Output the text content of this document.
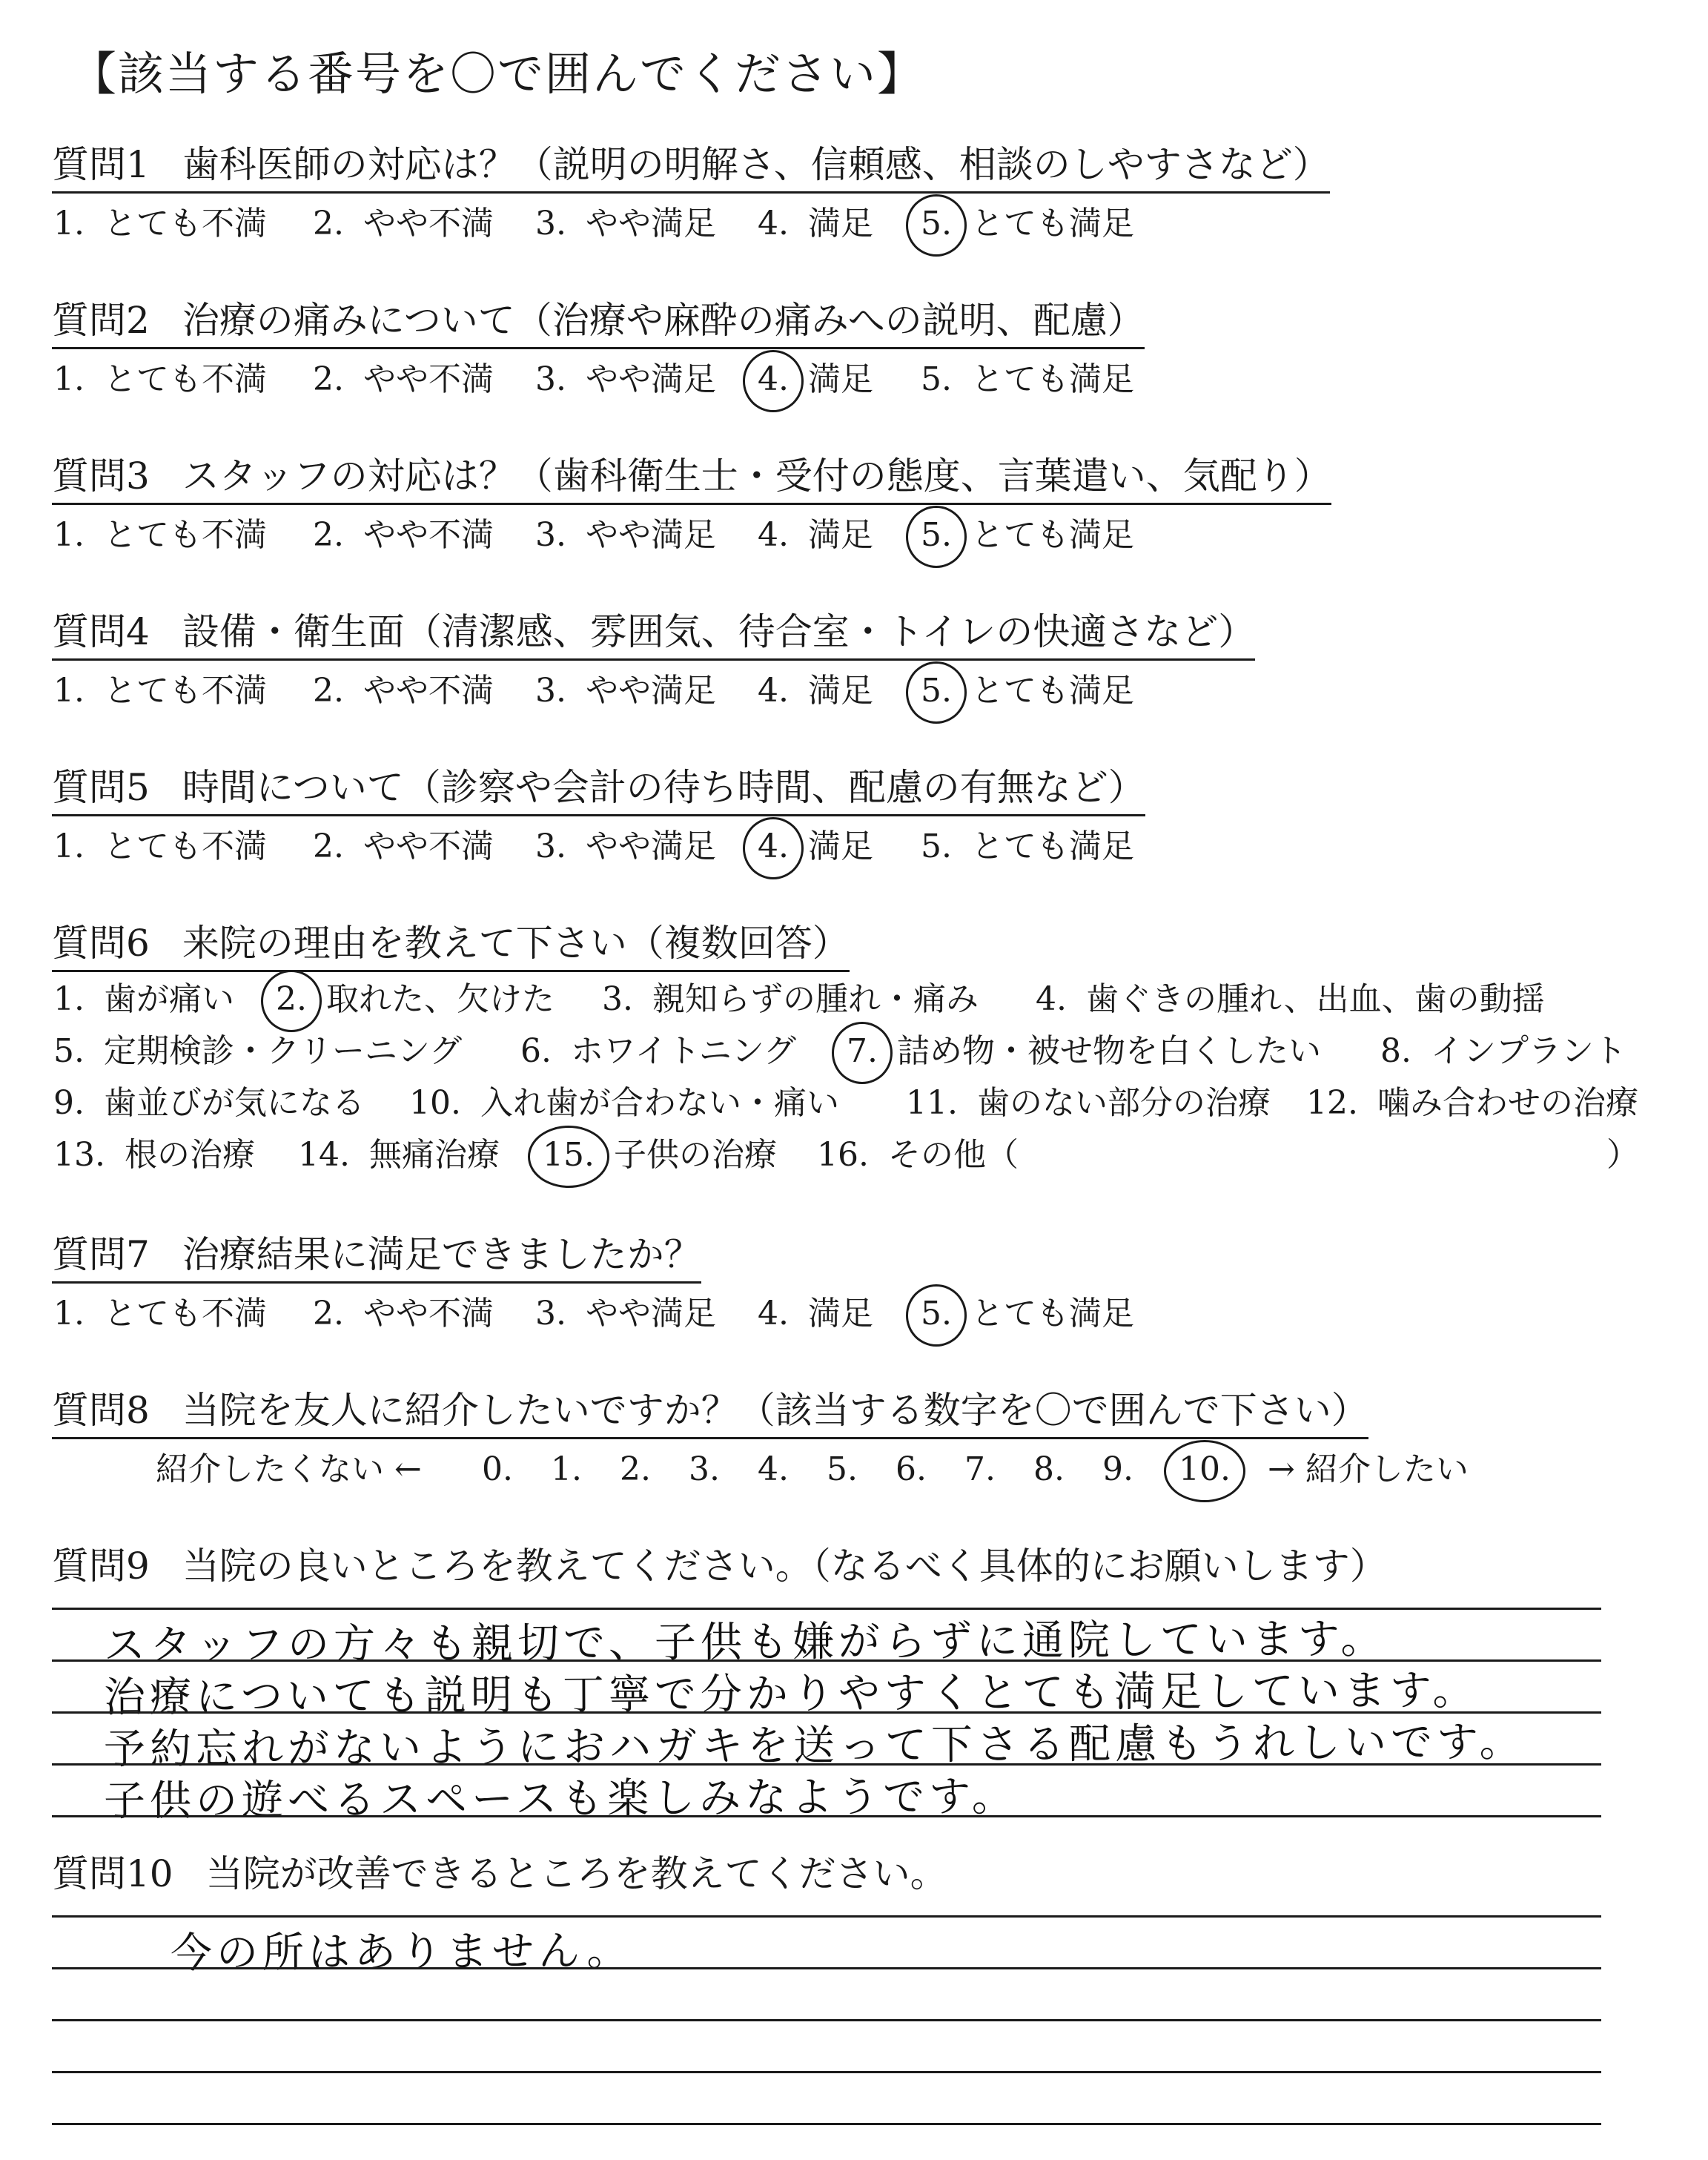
【該当する番号を〇で囲んでください】
質問1 歯科医師の対応は？（説明の明解さ、信頼感、相談のしやすさなど）
1. とても不満 2. やや不満 3. やや満足 4. 満足 5. とても満足
質問2 治療の痛みについて（治療や麻酔の痛みへの説明、配慮）
1. とても不満 2. やや不満 3. やや満足 4. 満足 5. とても満足
質問3 スタッフの対応は？（歯科衛生士・受付の態度、言葉遣い、気配り）
1. とても不満 2. やや不満 3. やや満足 4. 満足 5. とても満足
質問4 設備・衛生面（清潔感、雰囲気、待合室・トイレの快適さなど）
1. とても不満 2. やや不満 3. やや満足 4. 満足 5. とても満足
質問5 時間について（診察や会計の待ち時間、配慮の有無など）
1. とても不満 2. やや不満 3. やや満足 4. 満足 5. とても満足
質問6 来院の理由を教えて下さい（複数回答）
1. 歯が痛い 2. 取れた、欠けた 3. 親知らずの腫れ・痛み 4. 歯ぐきの腫れ、出血、歯の動揺
5. 定期検診・クリーニング 6. ホワイトニング 7. 詰め物・被せ物を白くしたい 8. インプラント
9. 歯並びが気になる 10. 入れ歯が合わない・痛い 11. 歯のない部分の治療 12. 噛み合わせの治療
13. 根の治療 14. 無痛治療 15. 子供の治療 16. その他（	）
質問7 治療結果に満足できましたか？
1. とても不満 2. やや不満 3. やや満足 4. 満足 5. とても満足
質問8 当院を友人に紹介したいですか？（該当する数字を〇で囲んで下さい）
紹介したくない ← 0. 1. 2. 3. 4. 5. 6. 7. 8. 9. 10.	→ 紹介したい
質問9 当院の良いところを教えてください。（なるべく具体的にお願いします）
スタッフの方々も親切で、子供も嫌がらずに通院しています。
治療についても説明も丁寧で分かりやすくとても満足しています。
予約忘れがないようにおハガキを送って下さる配慮もうれしいです。
子供の遊べるスペースも楽しみなようです。
質問10 当院が改善できるところを教えてください。
今の所はありません。
